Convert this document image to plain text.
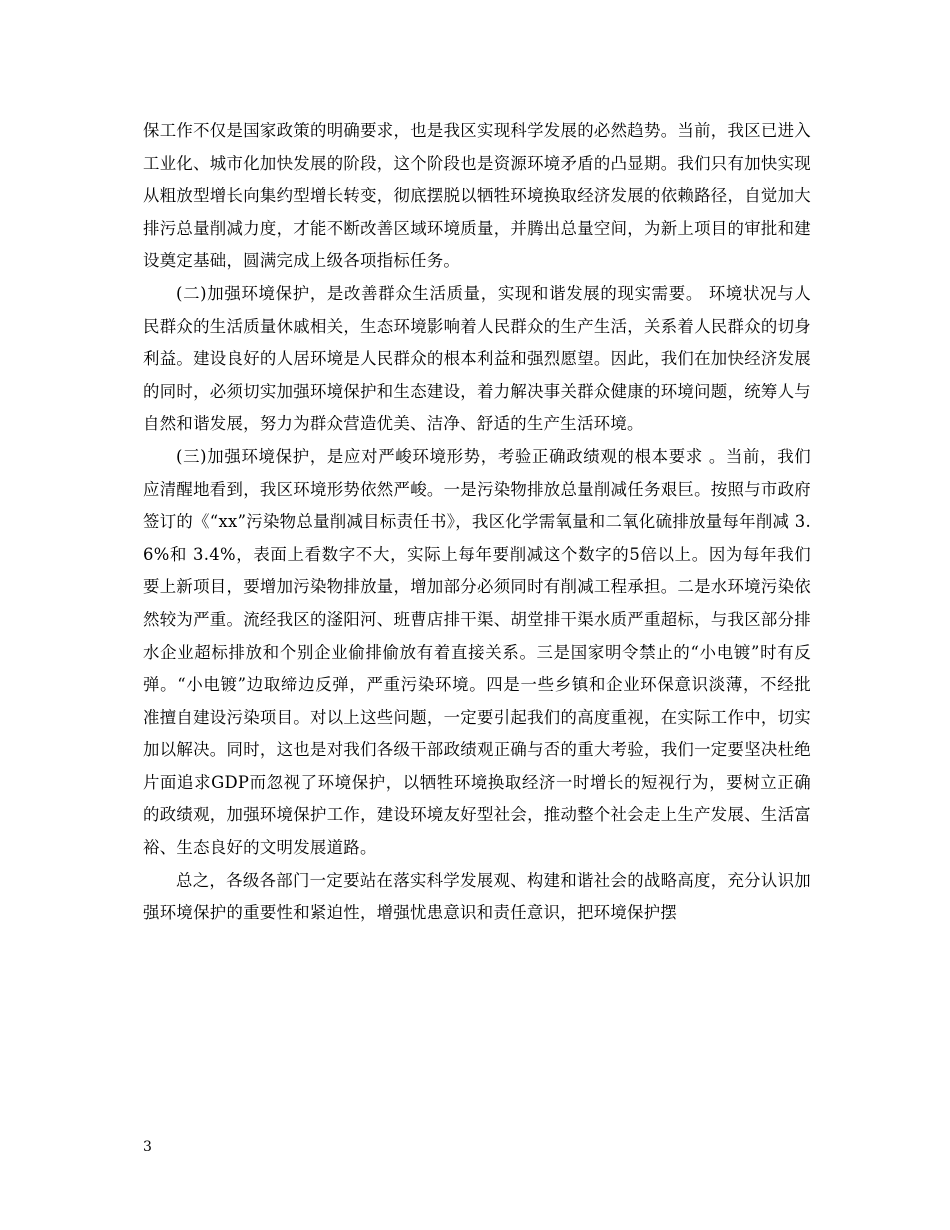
保工作不仅是国家政策的明确要求，也是我区实现科学发展的必然趋势。当前，我区已进入工业化、城市化加快发展的阶段，这个阶段也是资源环境矛盾的凸显期。我们只有加快实现从粗放型增长向集约型增长转变，彻底摆脱以牺牲环境换取经济发展的依赖路径，自觉加大排污总量削减力度，才能不断改善区域环境质量，并腾出总量空间，为新上项目的审批和建设奠定基础，圆满完成上级各项指标任务。

(二)加强环境保护，是改善群众生活质量，实现和谐发展的现实需要。 环境状况与人民群众的生活质量休戚相关，生态环境影响着人民群众的生产生活，关系着人民群众的切身利益。建设良好的人居环境是人民群众的根本利益和强烈愿望。因此，我们在加快经济发展的同时，必须切实加强环境保护和生态建设，着力解决事关群众健康的环境问题，统筹人与自然和谐发展，努力为群众营造优美、洁净、舒适的生产生活环境。

(三)加强环境保护，是应对严峻环境形势，考验正确政绩观的根本要求 。当前，我们应清醒地看到，我区环境形势依然严峻。一是污染物排放总量削减任务艰巨。按照与市政府签订的《“xx”污染物总量削减目标责任书》，我区化学需氧量和二氧化硫排放量每年削减 3.6%和 3.4%，表面上看数字不大，实际上每年要削减这个数字的5倍以上。因为每年我们要上新项目，要增加污染物排放量，增加部分必须同时有削减工程承担。二是水环境污染依然较为严重。流经我区的滏阳河、班曹店排干渠、胡堂排干渠水质严重超标，与我区部分排水企业超标排放和个别企业偷排偷放有着直接关系。三是国家明令禁止的“小电镀”时有反弹。“小电镀”边取缔边反弹，严重污染环境。四是一些乡镇和企业环保意识淡薄，不经批准擅自建设污染项目。对以上这些问题，一定要引起我们的高度重视，在实际工作中，切实加以解决。同时，这也是对我们各级干部政绩观正确与否的重大考验，我们一定要坚决杜绝片面追求GDP而忽视了环境保护，以牺牲环境换取经济一时增长的短视行为，要树立正确的政绩观，加强环境保护工作，建设环境友好型社会，推动整个社会走上生产发展、生活富裕、生态良好的文明发展道路。

总之，各级各部门一定要站在落实科学发展观、构建和谐社会的战略高度，充分认识加强环境保护的重要性和紧迫性，增强忧患意识和责任意识，把环境保护摆

3
